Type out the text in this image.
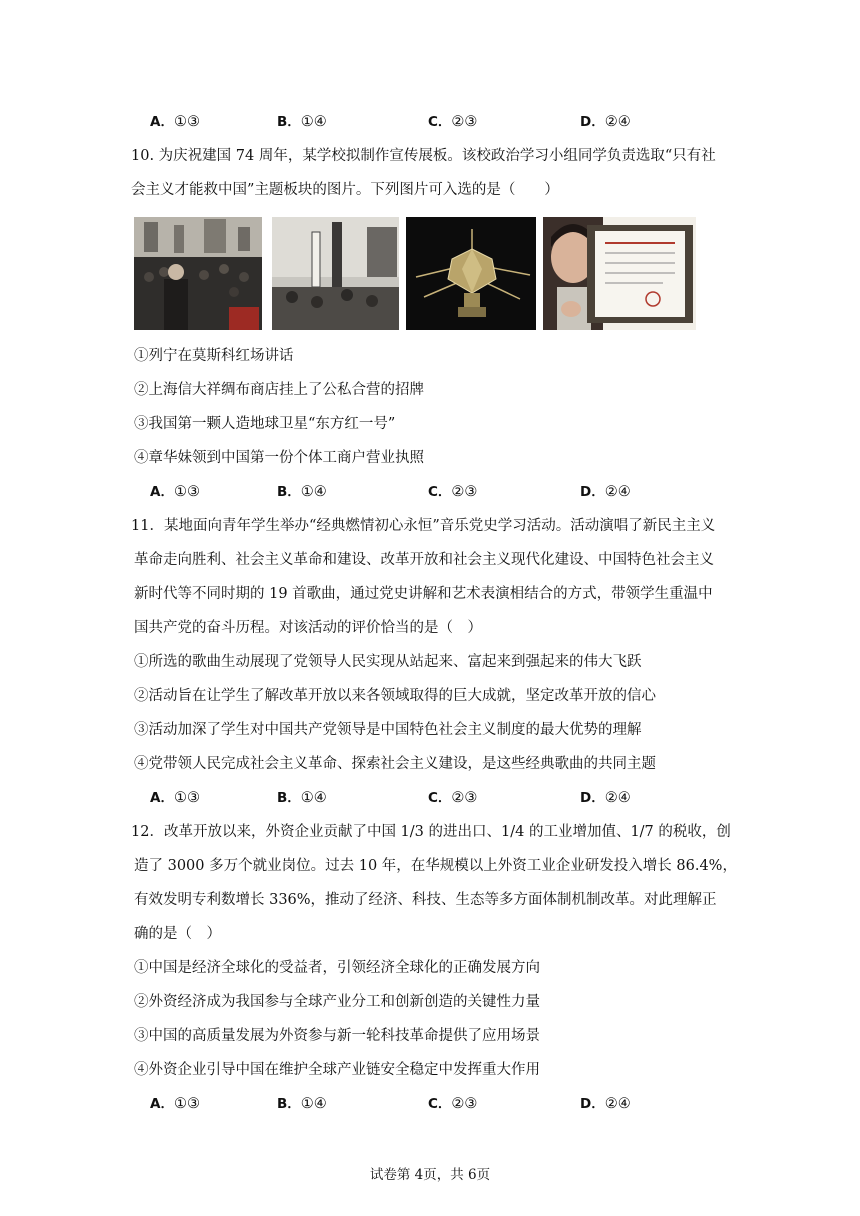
A．①③	B．①④	C．②③	D．②④
10. 为庆祝建国 74 周年，某学校拟制作宣传展板。该校政治学习小组同学负责选取“只有社
会主义才能救中国”主题板块的图片。下列图片可入选的是（　　）
①列宁在莫斯科红场讲话
②上海信大祥绸布商店挂上了公私合营的招牌
③我国第一颗人造地球卫星“东方红一号”
④章华妹领到中国第一份个体工商户营业执照
A．①③	B．①④	C．②③	D．②④
11．某地面向青年学生举办“经典燃情初心永恒”音乐党史学习活动。活动演唱了新民主主义
革命走向胜利、社会主义革命和建设、改革开放和社会主义现代化建设、中国特色社会主义
新时代等不同时期的 19 首歌曲，通过党史讲解和艺术表演相结合的方式，带领学生重温中
国共产党的奋斗历程。对该活动的评价恰当的是（　）
①所选的歌曲生动展现了党领导人民实现从站起来、富起来到强起来的伟大飞跃
②活动旨在让学生了解改革开放以来各领域取得的巨大成就，坚定改革开放的信心
③活动加深了学生对中国共产党领导是中国特色社会主义制度的最大优势的理解
④党带领人民完成社会主义革命、探索社会主义建设，是这些经典歌曲的共同主题
A．①③	B．①④	C．②③	D．②④
12．改革开放以来，外资企业贡献了中国 1/3 的进出口、1/4 的工业增加值、1/7 的税收，创
造了 3000 多万个就业岗位。过去 10 年，在华规模以上外资工业企业研发投入增长 86.4%，
有效发明专利数增长 336%，推动了经济、科技、生态等多方面体制机制改革。对此理解正
确的是（　）
①中国是经济全球化的受益者，引领经济全球化的正确发展方向
②外资经济成为我国参与全球产业分工和创新创造的关键性力量
③中国的高质量发展为外资参与新一轮科技革命提供了应用场景
④外资企业引导中国在维护全球产业链安全稳定中发挥重大作用
A．①③	B．①④	C．②③	D．②④
试卷第 4页，共 6页
